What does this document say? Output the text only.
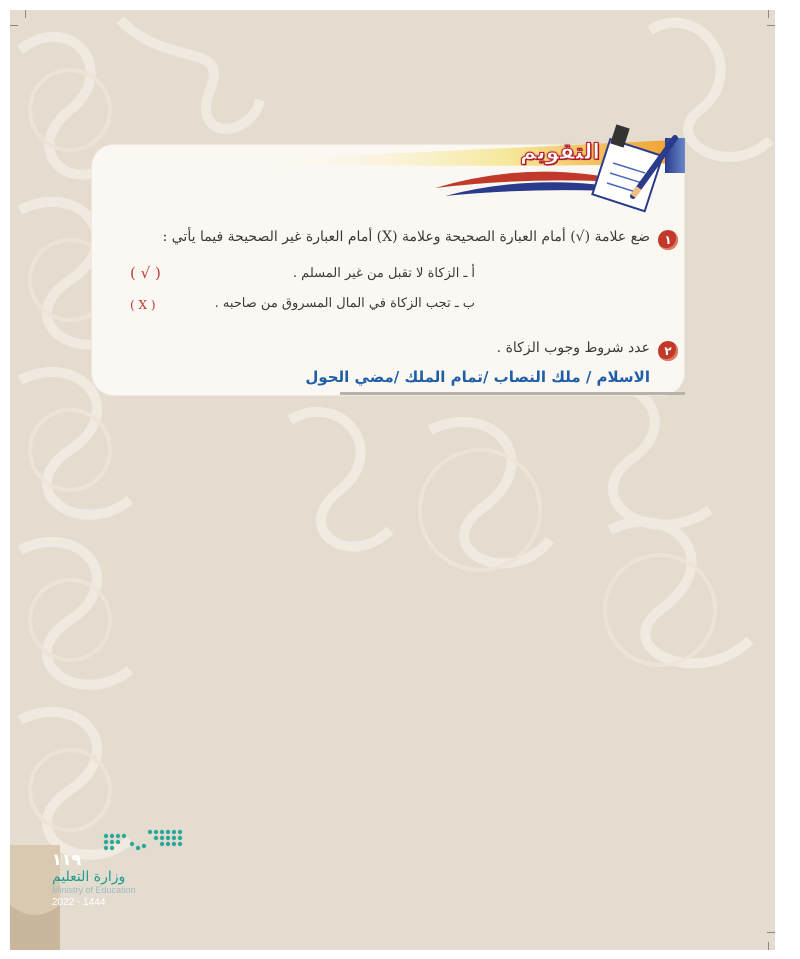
التقويم
١
ضع علامة (√) أمام العبارة الصحيحة وعلامة (X) أمام العبارة غير الصحيحة فيما يأتي :
أ ـ الزكاة لا تقبل من غير المسلم .
( √ )
ب ـ تجب الزكاة في المال المسروق من صاحبه .
( X )
٢
عدد شروط وجوب الزكاة .
الاسلام / ملك النصاب /تمام الملك /مضي الحول
١١٩
وزارة التعليم
Ministry of Education
2022 - 1444
